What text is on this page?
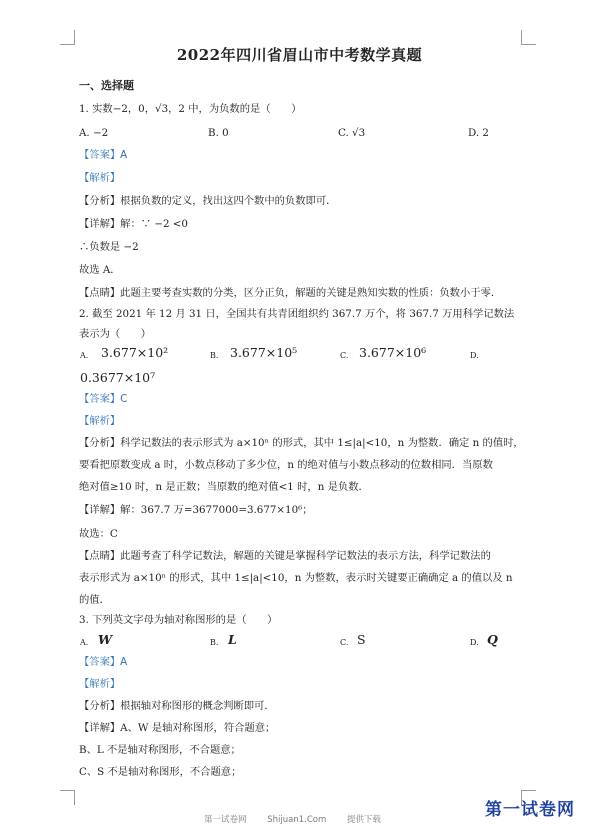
2022年四川省眉山市中考数学真题
一、选择题
1. 实数−2，0，√3，2 中，为负数的是（　　）
A. −2	B. 0	C. √3	D. 2
【答案】A
【解析】
【分析】根据负数的定义，找出这四个数中的负数即可．
【详解】解：∵ −2 <0
∴负数是 −2
故选 A．
【点睛】此题主要考查实数的分类，区分正负，解题的关键是熟知实数的性质：负数小于零．
2. 截至 2021 年 12 月 31 日，全国共有共青团组织约 367.7 万个，将 367.7 万用科学记数法
表示为（　　）
A. 3.677×10²	B. 3.677×10⁵	C. 3.677×10⁶	D.
0.3677×10⁷
【答案】C
【解析】
【分析】科学记数法的表示形式为 a×10ⁿ 的形式，其中 1≤|a|<10，n 为整数．确定 n 的值时，
要看把原数变成 a 时，小数点移动了多少位，n 的绝对值与小数点移动的位数相同．当原数
绝对值≥10 时，n 是正数；当原数的绝对值<1 时，n 是负数．
【详解】解：367.7 万=3677000=3.677×10⁶；
故选：C
【点睛】此题考查了科学记数法，解题的关键是掌握科学记数法的表示方法，科学记数法的
表示形式为 a×10ⁿ 的形式，其中 1≤|a|<10，n 为整数，表示时关键要正确确定 a 的值以及 n
的值．
3. 下列英文字母为轴对称图形的是（　　）
A. W	B. L	C. S	D. Q
【答案】A
【解析】
【分析】根据轴对称图形的概念判断即可．
【详解】A、W 是轴对称图形，符合题意；
B、L 不是轴对称图形，不合题意；
C、S 不是轴对称图形，不合题意；
第一试卷网 Shijuan1.Com 提供下载	第一试卷网
